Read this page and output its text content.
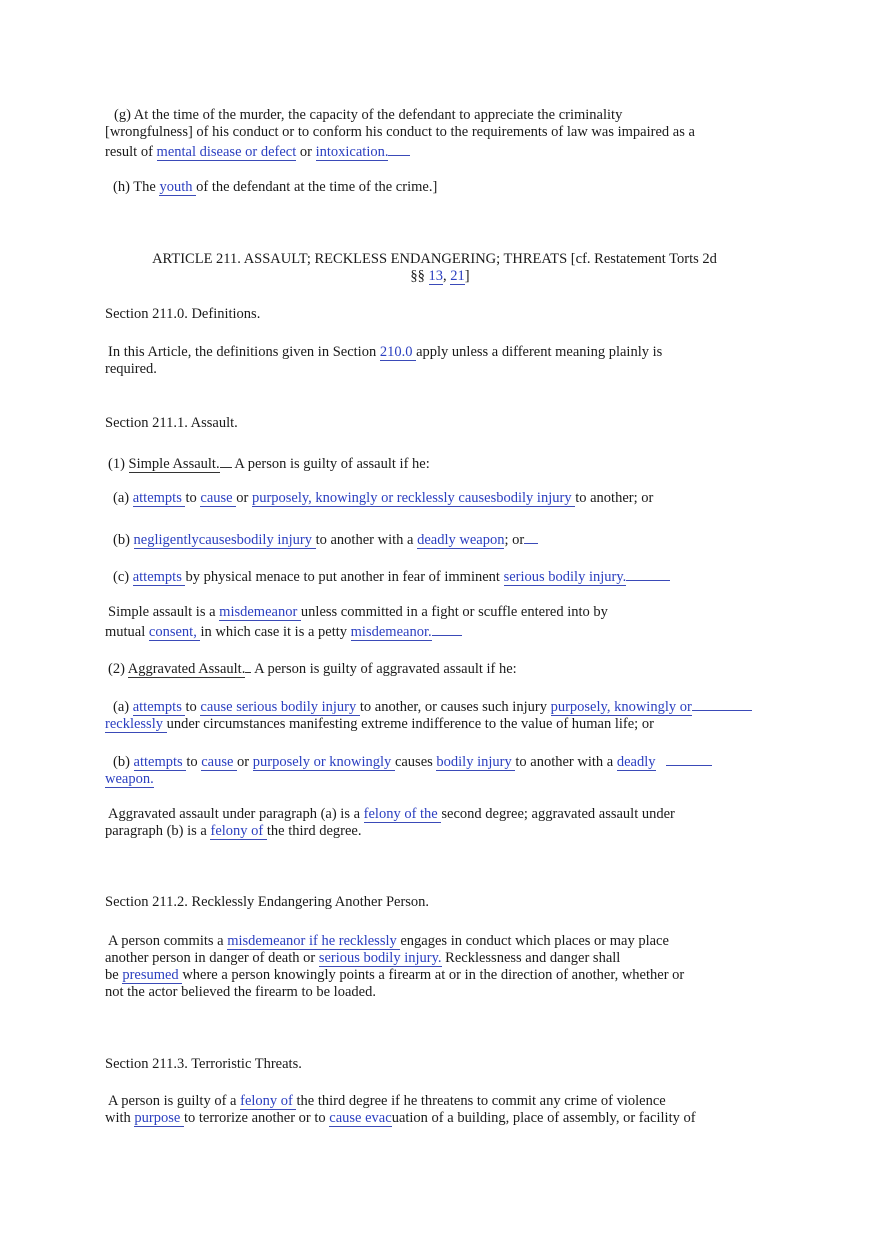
(g) At the time of the murder, the capacity of the defendant to appreciate the criminality
[wrongfulness] of his conduct or to conform his conduct to the requirements of law was impaired as a
result of mental disease or defect or intoxication.
(h) The youth of the defendant at the time of the crime.]
ARTICLE 211. ASSAULT; RECKLESS ENDANGERING; THREATS [cf. Restatement Torts 2d
§§ 13, 21]
Section 211.0. Definitions.
In this Article, the definitions given in Section 210.0 apply unless a different meaning plainly is
required.
Section 211.1. Assault.
(1) Simple Assault. A person is guilty of assault if he:
(a) attempts to cause or purposely, knowingly or recklessly causesbodily injury to another; or
(b) negligentlycausesbodily injury to another with a deadly weapon; or
(c) attempts by physical menace to put another in fear of imminent serious bodily injury.
Simple assault is a misdemeanor unless committed in a fight or scuffle entered into by
mutual consent, in which case it is a petty misdemeanor.
(2) Aggravated Assault. A person is guilty of aggravated assault if he:
(a) attempts to cause serious bodily injury to another, or causes such injury purposely, knowingly or
recklessly under circumstances manifesting extreme indifference to the value of human life; or
(b) attempts to cause or purposely or knowingly causes bodily injury to another with a deadly
weapon.
Aggravated assault under paragraph (a) is a felony of the second degree; aggravated assault under
paragraph (b) is a felony of the third degree.
Section 211.2. Recklessly Endangering Another Person.
A person commits a misdemeanor if he recklessly engages in conduct which places or may place
another person in danger of death or serious bodily injury. Recklessness and danger shall
be presumed where a person knowingly points a firearm at or in the direction of another, whether or
not the actor believed the firearm to be loaded.
Section 211.3. Terroristic Threats.
A person is guilty of a felony of the third degree if he threatens to commit any crime of violence
with purpose to terrorize another or to cause evacuation of a building, place of assembly, or facility of
